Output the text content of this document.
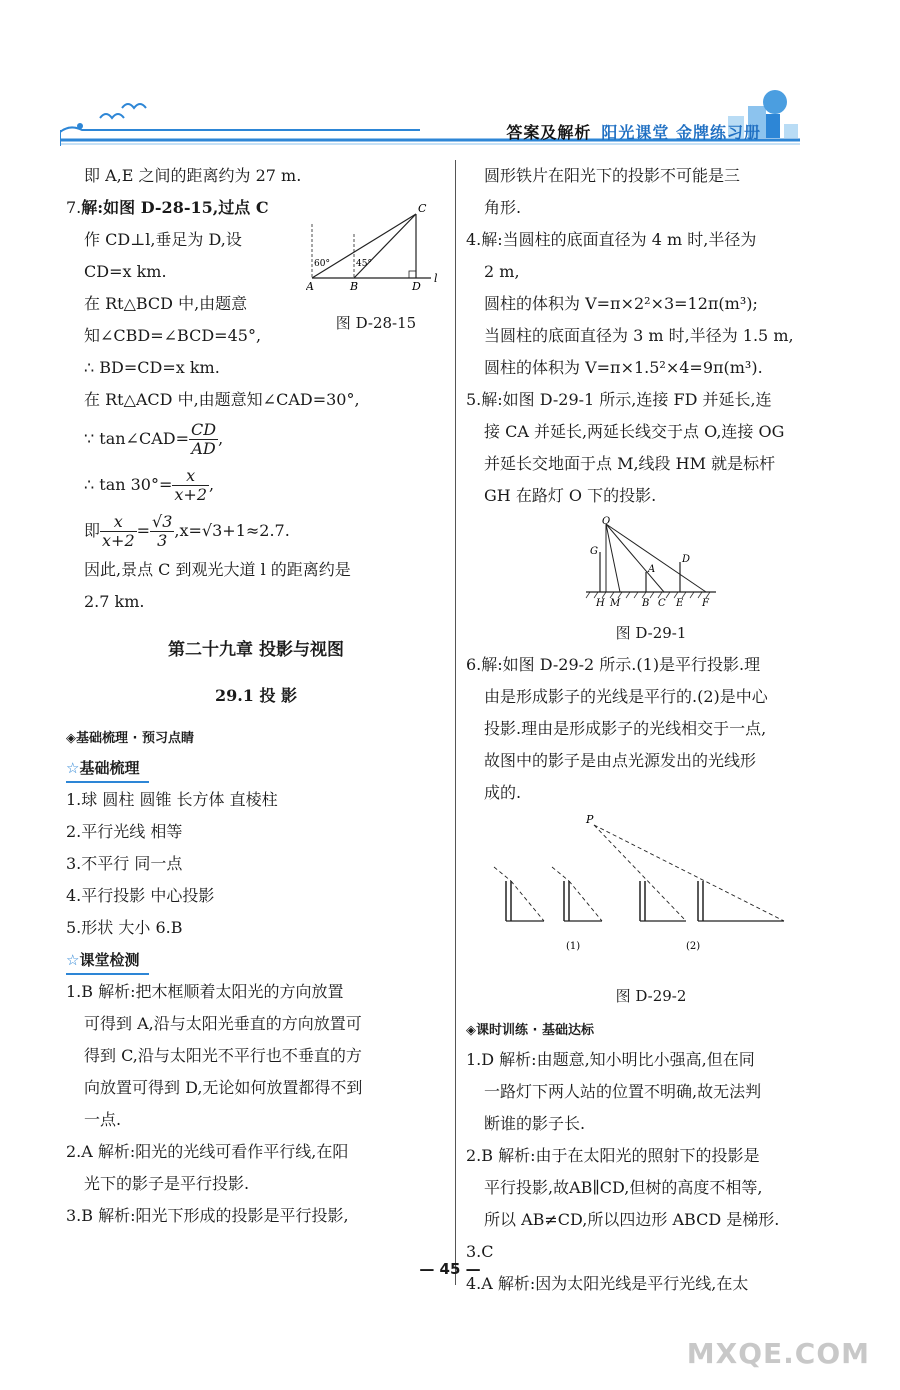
答案及解析 阳光课堂 金牌练习册

即 A,E 之间的距离约为 27 m.

7.解:如图 D-28-15,过点 C

作 CD⊥l,垂足为 D,设

CD=x km.

在 Rt△BCD 中,由题意

知∠CBD=∠BCD=45°,

A	B	D
C
l
60°	45°
图 D-28-15

∴ BD=CD=x km.

在 Rt△ACD 中,由题意知∠CAD=30°,

∵ tan∠CAD= $\frac{CD}{AD}$ ,

∴ $\tan 30^\circ= \frac{x}{x+2}$ ,

即 $\frac{x}{x+2} = \frac{√3}{3} ,x=√3+1\approx 2.7$.

因此,景点 C 到观光大道 l 的距离约是

2.7 km.

第二十九章 投影与视图
29.1 投 影
◈基础梳理 · 预习点睛
☆基础梳理

1.球 圆柱 圆锥 长方体 直棱柱

2.平行光线 相等

3.不平行 同一点

4.平行投影 中心投影

5.形状 大小 6.B

☆课堂检测

1.B 解析:把木框顺着太阳光的方向放置

可得到 A,沿与太阳光垂直的方向放置可

得到 C,沿与太阳光不平行也不垂直的方

向放置可得到 D,无论如何放置都得不到

一点.

2.A 解析:阳光的光线可看作平行线,在阳

光下的影子是平行投影.

3.B 解析:阳光下形成的投影是平行投影,

圆形铁片在阳光下的投影不可能是三

角形.

4.解:当圆柱的底面直径为 4 m 时,半径为

2 m,

圆柱的体积为 V=π×2²×3=12π(m³);

当圆柱的底面直径为 3 m 时,半径为 1.5 m,

圆柱的体积为 V=π×1.5²×4=9π(m³).

5.解:如图 D-29-1 所示,连接 FD 并延长,连

接 CA 并延长,两延长线交于点 O,连接 OG

并延长交地面于点 M,线段 HM 就是标杆

GH 在路灯 O 下的投影.

O
G
A
D
H M B C E F
图 D-29-1

6.解:如图 D-29-2 所示.(1)是平行投影.理

由是形成影子的光线是平行的.(2)是中心

投影.理由是形成影子的光线相交于一点,

故图中的影子是由点光源发出的光线形

成的.

P
(1)	(2)
图 D-29-2
◈课时训练 · 基础达标

1.D 解析:由题意,知小明比小强高,但在同

一路灯下两人站的位置不明确,故无法判

断谁的影子长.

2.B 解析:由于在太阳光的照射下的投影是

平行投影,故AB∥CD,但树的高度不相等,

所以 AB≠CD,所以四边形 ABCD 是梯形.

3.C

4.A 解析:因为太阳光线是平行光线,在太

— 45 —
MXQE.COM
